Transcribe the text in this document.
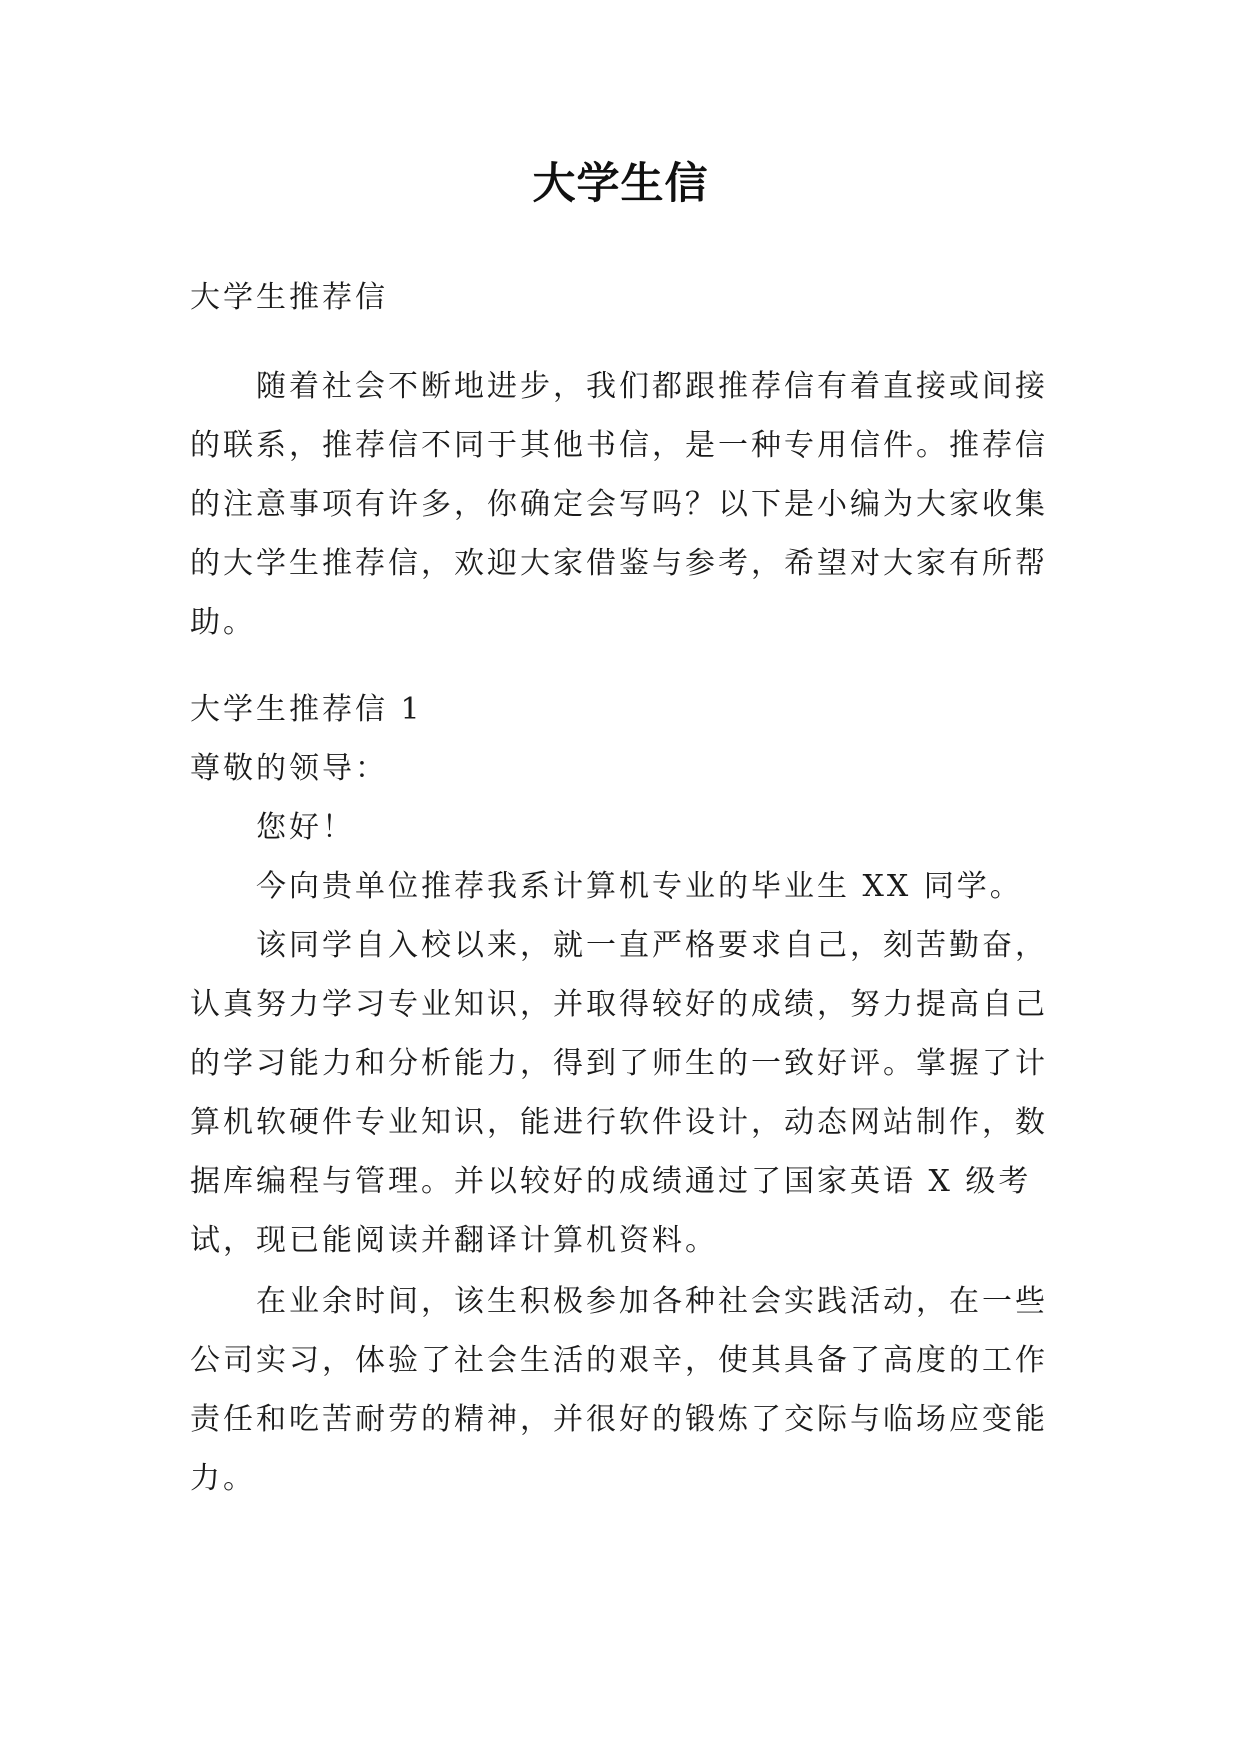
大学生信

大学生推荐信

随着社会不断地进步，我们都跟推荐信有着直接或间接的联系，推荐信不同于其他书信，是一种专用信件。推荐信的注意事项有许多，你确定会写吗？以下是小编为大家收集的大学生推荐信，欢迎大家借鉴与参考，希望对大家有所帮助。

大学生推荐信 1

尊敬的领导：

您好！

今向贵单位推荐我系计算机专业的毕业生 XX 同学。

该同学自入校以来，就一直严格要求自己，刻苦勤奋，认真努力学习专业知识，并取得较好的成绩，努力提高自己的学习能力和分析能力，得到了师生的一致好评。掌握了计算机软硬件专业知识，能进行软件设计，动态网站制作，数据库编程与管理。并以较好的成绩通过了国家英语 X 级考试，现已能阅读并翻译计算机资料。

在业余时间，该生积极参加各种社会实践活动，在一些公司实习，体验了社会生活的艰辛，使其具备了高度的工作责任和吃苦耐劳的精神，并很好的锻炼了交际与临场应变能力。
